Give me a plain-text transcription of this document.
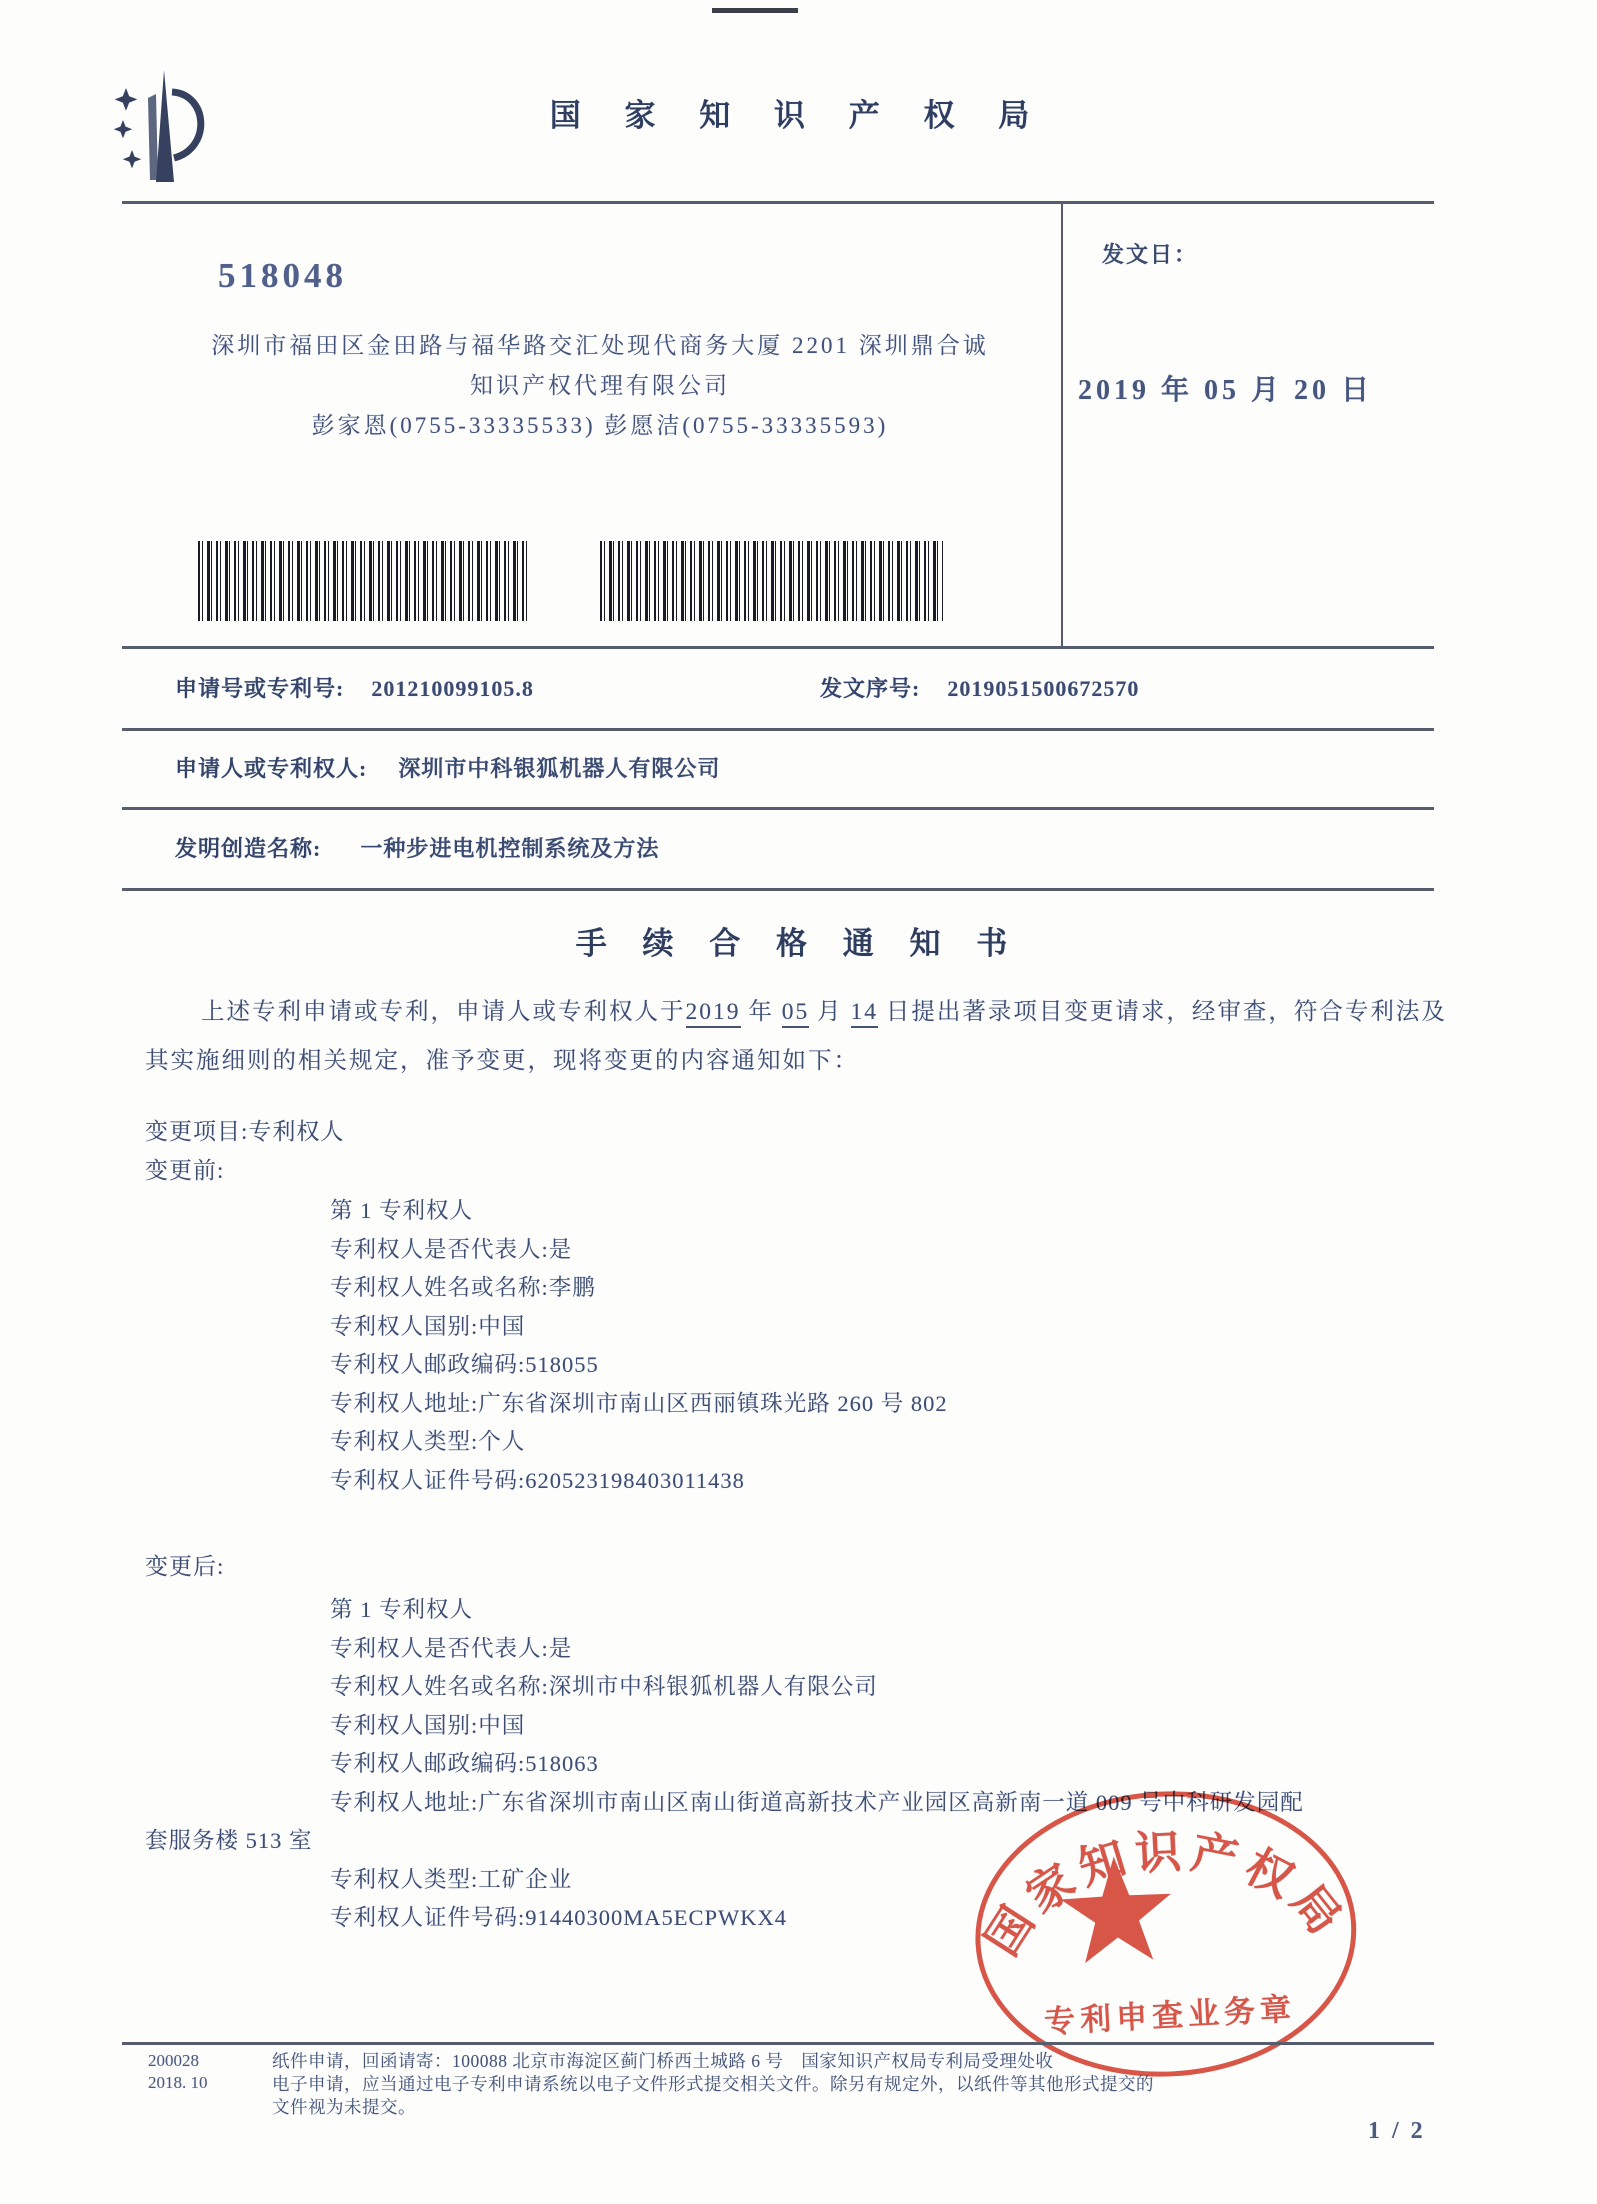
国 家 知 识 产 权 局
518048
深圳市福田区金田路与福华路交汇处现代商务大厦 2201 深圳鼎合诚
知识产权代理有限公司
彭家恩(0755-33335533) 彭愿洁(0755-33335593)
发文日：
2019 年 05 月 20 日
申请号或专利号: 201210099105.8	发文序号: 2019051500672570
申请人或专利权人: 深圳市中科银狐机器人有限公司
发明创造名称: 一种步进电机控制系统及方法
手 续 合 格 通 知 书
上述专利申请或专利，申请人或专利权人于2019 年 05 月 14 日提出著录项目变更请求，经审查，符合专利法及其实施细则的相关规定，准予变更，现将变更的内容通知如下：
变更项目:专利权人
变更前:
第 1 专利权人
专利权人是否代表人:是
专利权人姓名或名称:李鹏
专利权人国别:中国
专利权人邮政编码:518055
专利权人地址:广东省深圳市南山区西丽镇珠光路 260 号 802
专利权人类型:个人
专利权人证件号码:620523198403011438
变更后:
第 1 专利权人
专利权人是否代表人:是
专利权人姓名或名称:深圳市中科银狐机器人有限公司
专利权人国别:中国
专利权人邮政编码:518063
专利权人地址:广东省深圳市南山区南山街道高新技术产业园区高新南一道 009 号中科研发园配套服务楼 513 室
专利权人类型:工矿企业
专利权人证件号码:91440300MA5ECPWKX4	国家知识产权局
专利申查业务章
200028
2018. 10
纸件申请，回函请寄：100088 北京市海淀区蓟门桥西土城路 6 号　国家知识产权局专利局受理处收
电子申请，应当通过电子专利申请系统以电子文件形式提交相关文件。除另有规定外，以纸件等其他形式提交的
文件视为未提交。
1 / 2
